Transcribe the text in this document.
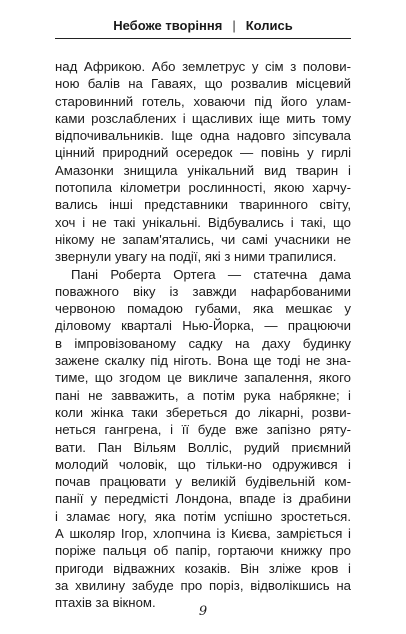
Небоже творіння | Колись

над Африкою. Або землетрус у сім з полови-
ною балів на Гаваях, що розвалив місцевий
старовинний готель, ховаючи під його улам-
ками розслаблених і щасливих іще мить тому
відпочивальників. Іще одна надовго зіпсувала
цінний природний осередок — повінь у гирлі
Амазонки знищила унікальний вид тварин і
потопила кілометри рослинності, якою харчу-
вались інші представники тваринного світу,
хоч і не такі унікальні. Відбувались і такі, що
нікому не запам'ятались, чи самі учасники не
звернули увагу на події, які з ними трапилися.

Пані Роберта Ортега — статечна дама
поважного віку із завжди нафарбованими
червоною помадою губами, яка мешкає у
діловому кварталі Нью-Йорка, — працюючи
в імпровізованому садку на даху будинку
зажене скалку під ніготь. Вона ще тоді не зна-
тиме, що згодом це викличе запалення, якого
пані не завважить, а потім рука набрякне; і
коли жінка таки збереться до лікарні, розви-
неться гангрена, і її буде вже запізно ряту-
вати. Пан Вільям Волліс, рудий приємний
молодий чоловік, що тільки-но одружився і
почав працювати у великій будівельній ком-
панії у передмісті Лондона, впаде із драбини
і зламає ногу, яка потім успішно зростеться.
А школяр Ігор, хлопчина із Києва, замріється і
поріже пальця об папір, гортаючи книжку про
пригоди відважних козаків. Він зліже кров і
за хвилину забуде про поріз, відволікшись на
птахів за вікном.

9
